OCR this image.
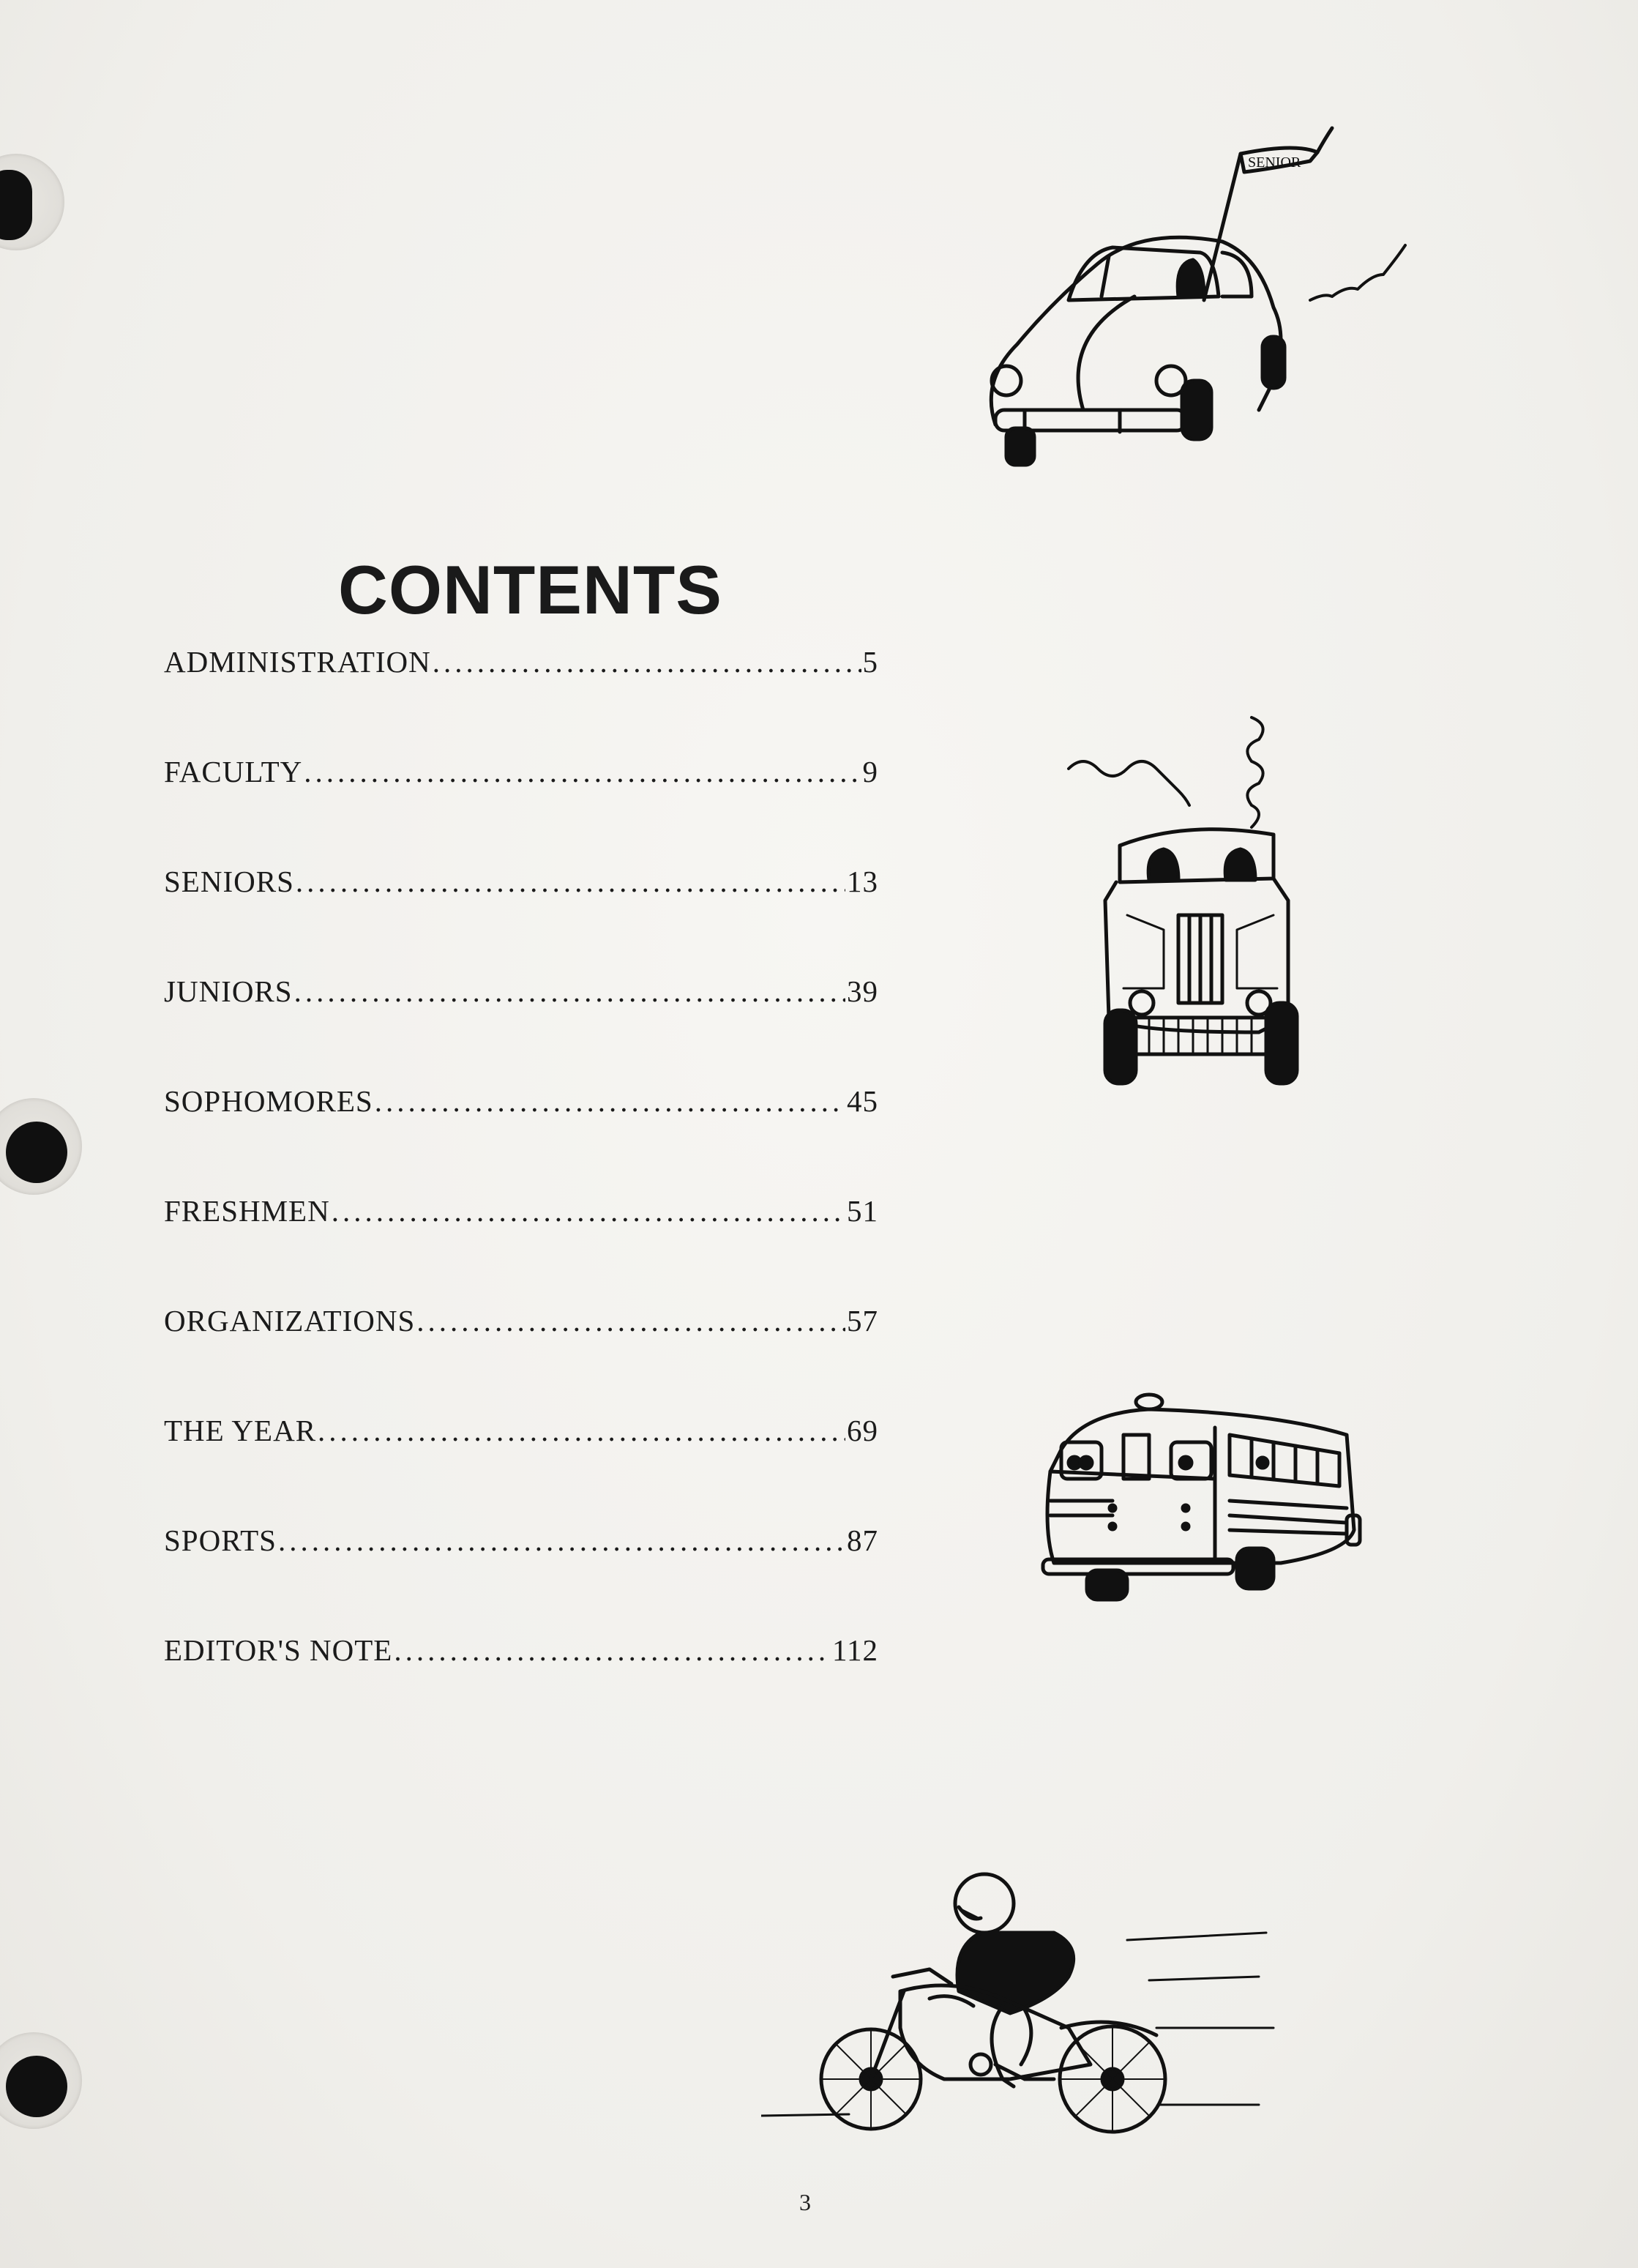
CONTENTS
ADMINISTRATION .....	5
FACULTY .....	9
SENIORS .....	13
JUNIORS .....	39
SOPHOMORES .....	45
FRESHMEN .....	51
ORGANIZATIONS .....	57
THE YEAR .....	69
SPORTS .....	87
EDITOR'S NOTE .....	112
SENIOR
3
